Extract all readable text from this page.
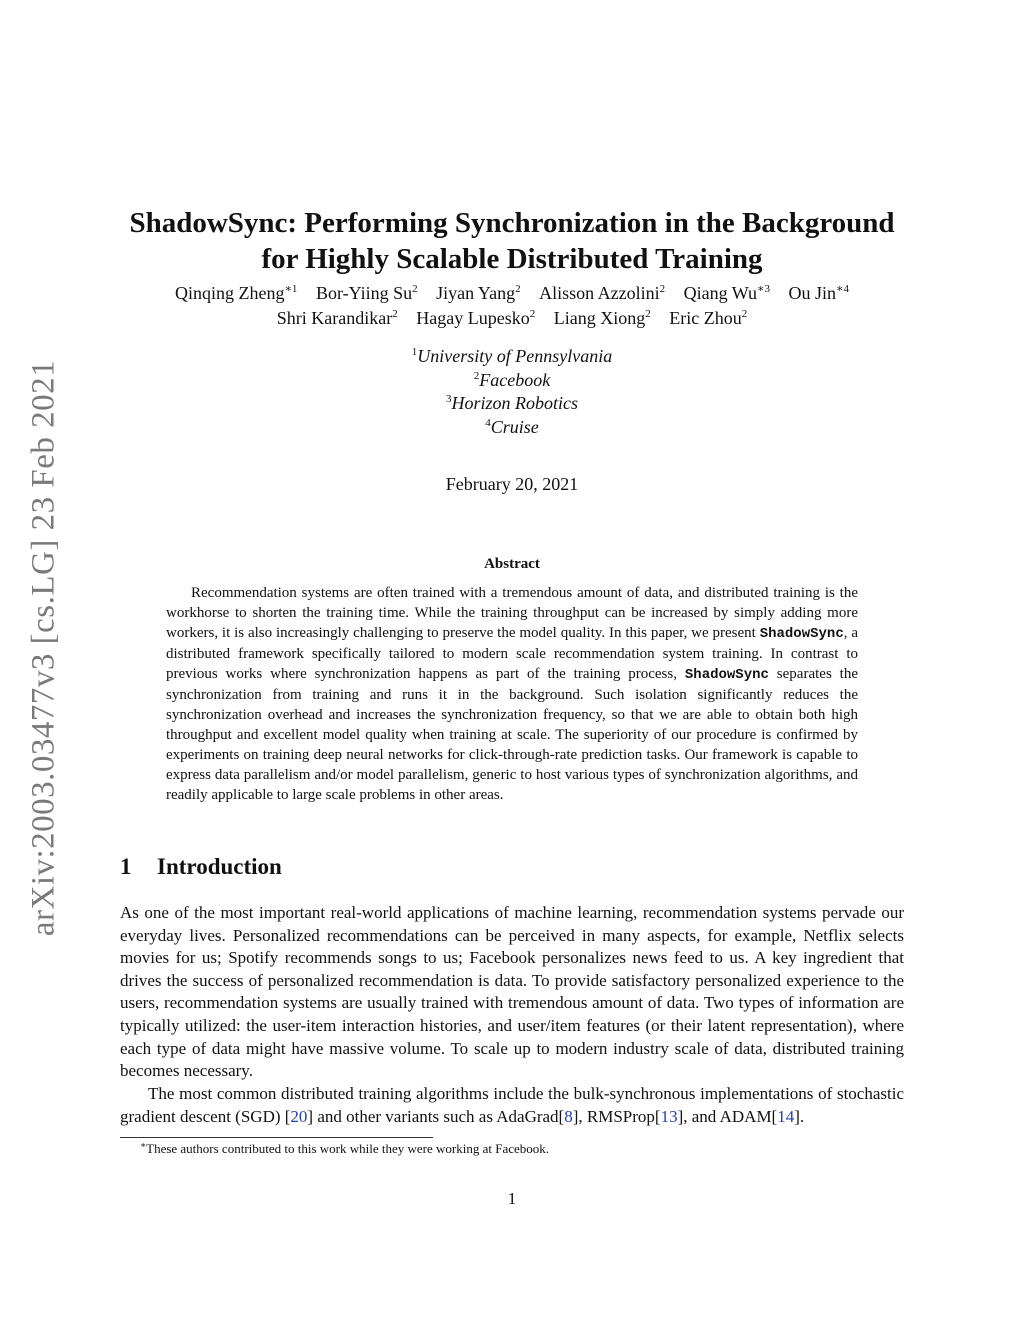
arXiv:2003.03477v3 [cs.LG] 23 Feb 2021
ShadowSync: Performing Synchronization in the Background
for Highly Scalable Distributed Training
Qinqing Zheng$^{∗1}$ Bor-Yiing Su$^2$ Jiyan Yang$^2$ Alisson Azzolini$^2$ Qiang $Wu^{∗3}$ Ou Jin$^{∗4}$
Shri Karandikar$^2$ Hagay Lupesko$^2$ Liang Xiong$^2$ Eric Zhou$^2$
$^1$University of Pennsylvania
$^2$Facebook
$^3$Horizon Robotics
$^4$Cruise
February 20, 2021
Abstract

Recommendation systems are often trained with a tremendous amount of data, and distributed training is the workhorse to shorten the training time. While the training throughput can be increased by simply adding more workers, it is also increasingly challenging to preserve the model quality. In this paper, we present ShadowSync, a distributed framework specifically tailored to modern scale recommendation system training. In contrast to previous works where synchronization happens as part of the training process, ShadowSync separates the synchronization from training and runs it in the background. Such isolation significantly reduces the synchronization overhead and increases the synchronization frequency, so that we are able to obtain both high throughput and excellent model quality when training at scale. The superiority of our procedure is confirmed by experiments on training deep neural networks for click-through-rate prediction tasks. Our framework is capable to express data parallelism and/or model parallelism, generic to host various types of synchronization algorithms, and readily applicable to large scale problems in other areas.

1 Introduction

As one of the most important real-world applications of machine learning, recommendation systems pervade our everyday lives. Personalized recommendations can be perceived in many aspects, for example, Netflix selects movies for us; Spotify recommends songs to us; Facebook personalizes news feed to us. A key ingredient that drives the success of personalized recommendation is data. To provide satisfactory personalized experience to the users, recommendation systems are usually trained with tremendous amount of data. Two types of information are typically utilized: the user-item interaction histories, and user/item features (or their latent representation), where each type of data might have massive volume. To scale up to modern industry scale of data, distributed training becomes necessary.

The most common distributed training algorithms include the bulk-synchronous implementations of stochastic gradient descent (SGD) [20] and other variants such as AdaGrad[8], RMSProp[13], and ADAM[14].

∗These authors contributed to this work while they were working at Facebook.

1
